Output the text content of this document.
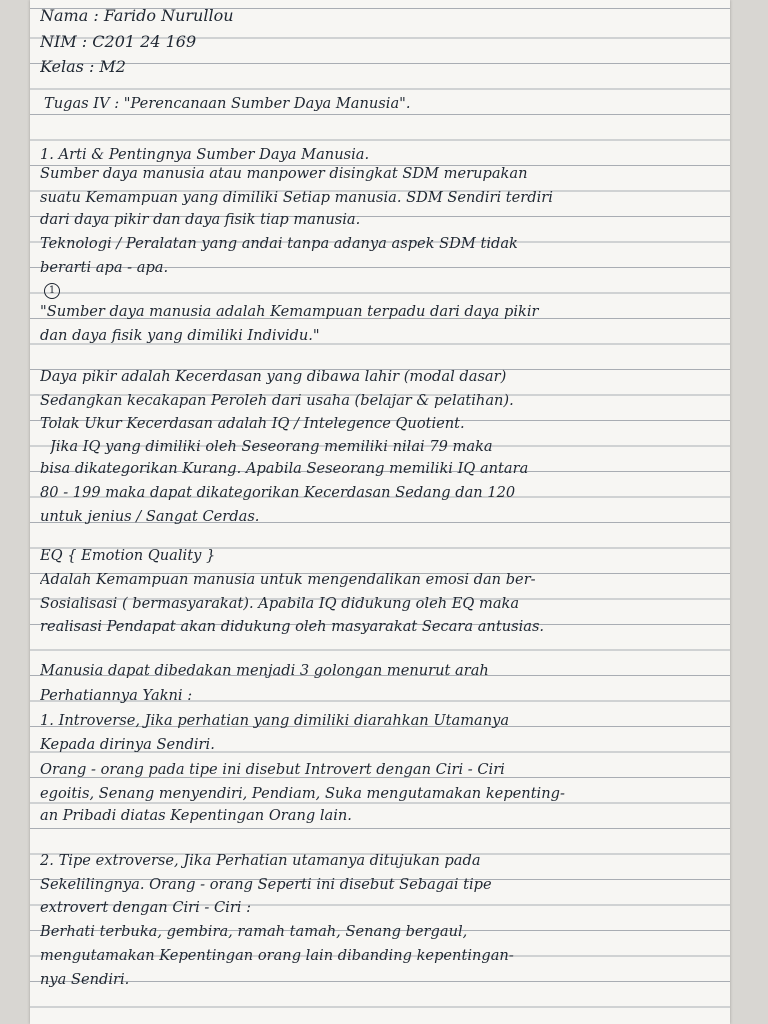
Nama : Farido Nurullou
NIM : C201 24 169
Kelas : M2
Tugas IV : "Perencanaan Sumber Daya Manusia".
1. Arti & Pentingnya Sumber Daya Manusia.
Sumber daya manusia atau manpower disingkat SDM merupakan
suatu Kemampuan yang dimiliki Setiap manusia. SDM Sendiri terdiri
dari daya pikir dan daya fisik tiap manusia.
Teknologi / Peralatan yang andai tanpa adanya aspek SDM tidak
berarti apa - apa.
1
"Sumber daya manusia adalah Kemampuan terpadu dari daya pikir
dan daya fisik yang dimiliki Individu."
Daya pikir adalah Kecerdasan yang dibawa lahir (modal dasar)
Sedangkan kecakapan Peroleh dari usaha (belajar & pelatihan).
Tolak Ukur Kecerdasan adalah IQ / Intelegence Quotient.
Jika IQ yang dimiliki oleh Seseorang memiliki nilai 79 maka
bisa dikategorikan Kurang. Apabila Seseorang memiliki IQ antara
80 - 199 maka dapat dikategorikan Kecerdasan Sedang dan 120
untuk jenius / Sangat Cerdas.
EQ { Emotion Quality }
Adalah Kemampuan manusia untuk mengendalikan emosi dan ber-
Sosialisasi ( bermasyarakat). Apabila IQ didukung oleh EQ maka
realisasi Pendapat akan didukung oleh masyarakat Secara antusias.
Manusia dapat dibedakan menjadi 3 golongan menurut arah
Perhatiannya Yakni :
1. Introverse, Jika perhatian yang dimiliki diarahkan Utamanya
Kepada dirinya Sendiri.
Orang - orang pada tipe ini disebut Introvert dengan Ciri - Ciri
egoitis, Senang menyendiri, Pendiam, Suka mengutamakan kepenting-
an Pribadi diatas Kepentingan Orang lain.
2. Tipe extroverse, Jika Perhatian utamanya ditujukan pada
Sekelilingnya. Orang - orang Seperti ini disebut Sebagai tipe
extrovert dengan Ciri - Ciri :
Berhati terbuka, gembira, ramah tamah, Senang bergaul,
mengutamakan Kepentingan orang lain dibanding kepentingan-
nya Sendiri.
